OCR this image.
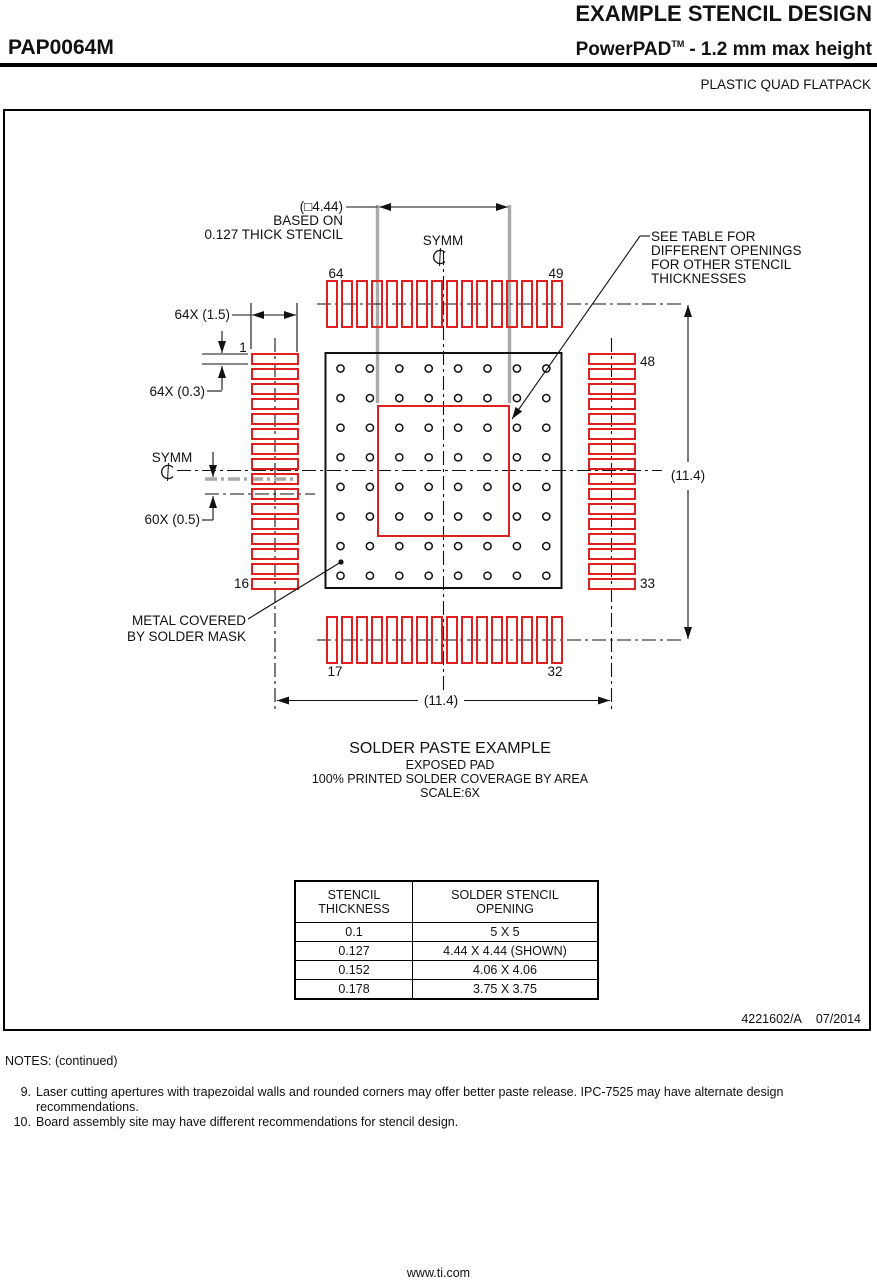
EXAMPLE STENCIL DESIGN
PAP0064M	PowerPAD™ - 1.2 mm max height
PLASTIC QUAD FLATPACK
(□4.44)
BASED ON
0.127 THICK STENCIL	SYMM
64	49
SEE TABLE FOR
DIFFERENT OPENINGS
FOR OTHER STENCIL
THICKNESSES
64X (1.5)
1
64X (0.3)
SYMM
60X (0.5)
16
48
33
(11.4)
METAL COVERED
BY SOLDER MASK
17	32
(11.4)
SOLDER PASTE EXAMPLE
EXPOSED PAD
100% PRINTED SOLDER COVERAGE BY AREA
SCALE:6X
STENCIL
THICKNESS	SOLDER STENCIL
OPENING

0.1	5 X 5
0.127	4.44 X 4.44 (SHOWN)
0.152	4.06 X 4.06
0.178	3.75 X 3.75
4221602/A 07/2014
NOTES: (continued)
9. Laser cutting apertures with trapezoidal walls and rounded corners may offer better paste release. IPC-7525 may have alternate design recommendations.
10. Board assembly site may have different recommendations for stencil design.
www.ti.com
